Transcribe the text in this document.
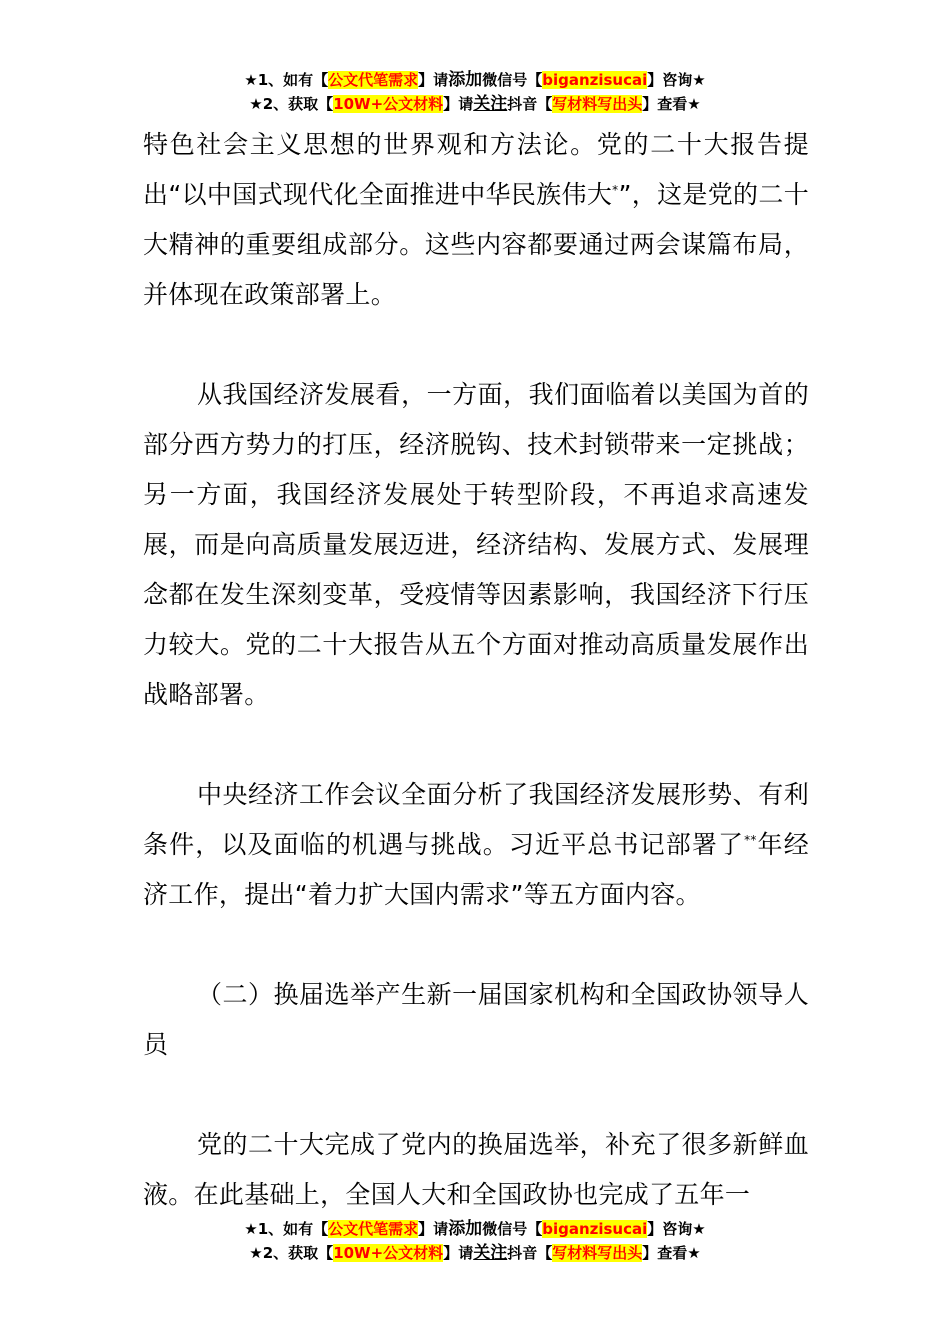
★1、如有【公文代笔需求】请添加微信号【biganzisucai】咨询★
★2、获取【10W+公文材料】请关注抖音【写材料写出头】查看★

特色社会主义思想的世界观和方法论。党的二十大报告提出“以中国式现代化全面推进中华民族伟大*”，这是党的二十大精神的重要组成部分。这些内容都要通过两会谋篇布局，并体现在政策部署上。

从我国经济发展看，一方面，我们面临着以美国为首的部分西方势力的打压，经济脱钩、技术封锁带来一定挑战；另一方面，我国经济发展处于转型阶段，不再追求高速发展，而是向高质量发展迈进，经济结构、发展方式、发展理念都在发生深刻变革，受疫情等因素影响，我国经济下行压力较大。党的二十大报告从五个方面对推动高质量发展作出战略部署。

中央经济工作会议全面分析了我国经济发展形势、有利条件，以及面临的机遇与挑战。习近平总书记部署了**年经济工作，提出“着力扩大国内需求”等五方面内容。

（二）换届选举产生新一届国家机构和全国政协领导人员

党的二十大完成了党内的换届选举，补充了很多新鲜血液。在此基础上，全国人大和全国政协也完成了五年一

★1、如有【公文代笔需求】请添加微信号【biganzisucai】咨询★
★2、获取【10W+公文材料】请关注抖音【写材料写出头】查看★
